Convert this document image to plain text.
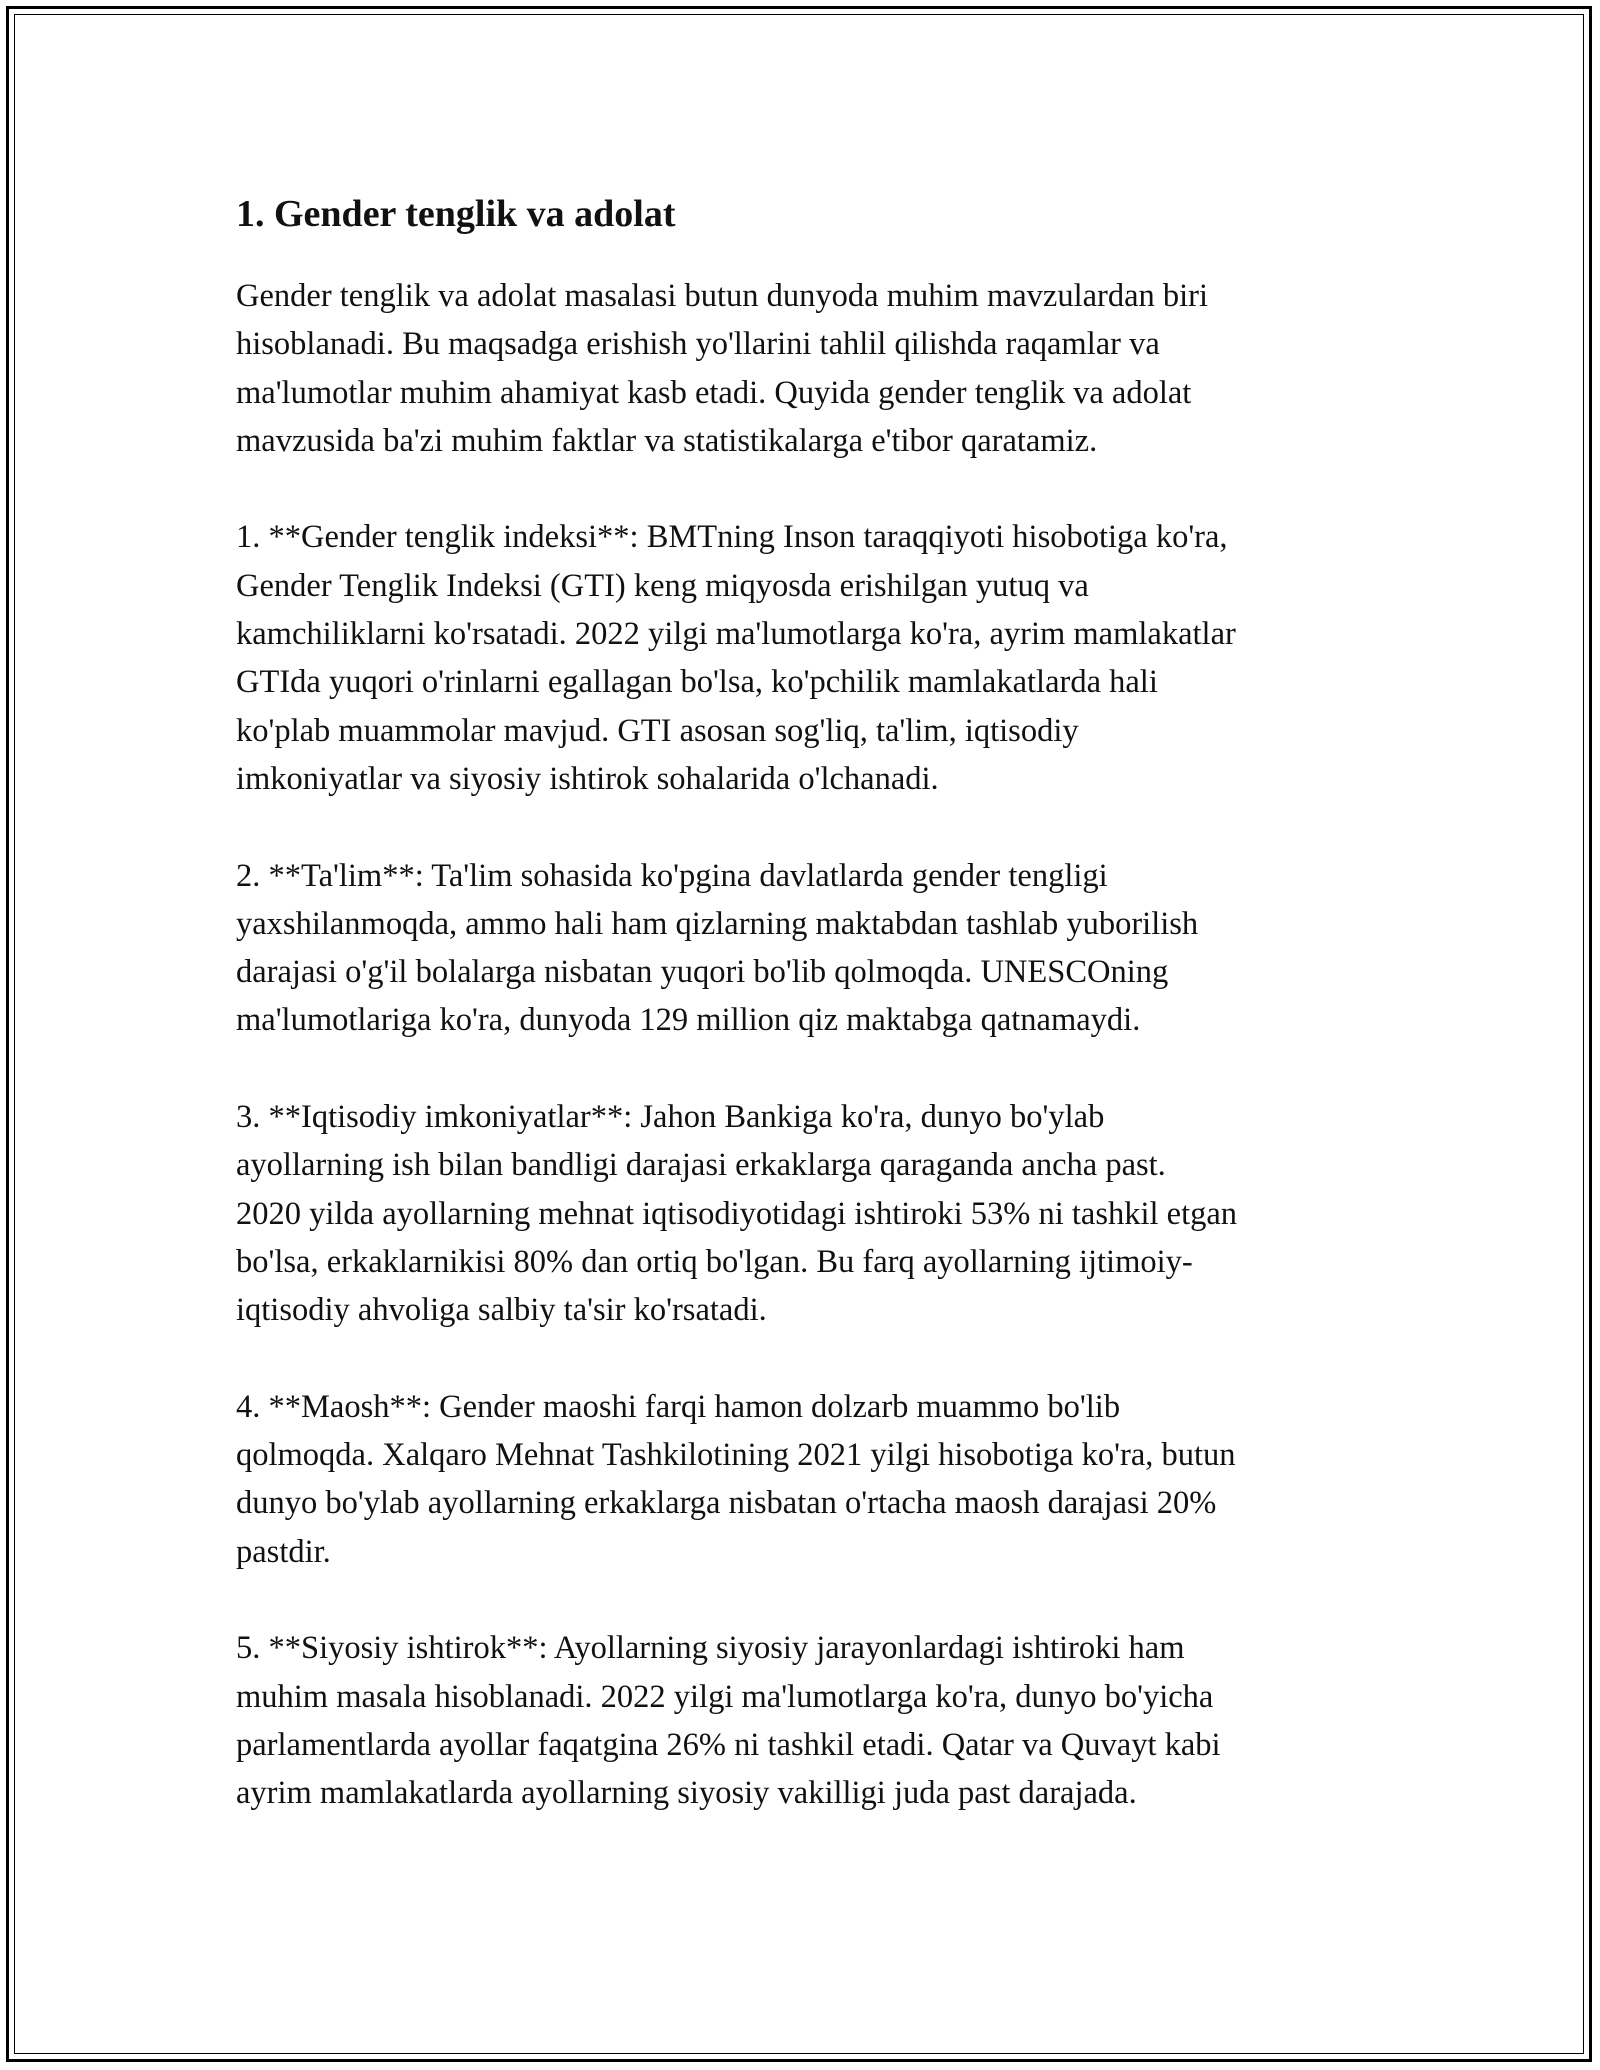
1. Gender tenglik va adolat
Gender tenglik va adolat masalasi butun dunyoda muhim mavzulardan biri
hisoblanadi. Bu maqsadga erishish yo'llarini tahlil qilishda raqamlar va
ma'lumotlar muhim ahamiyat kasb etadi. Quyida gender tenglik va adolat
mavzusida ba'zi muhim faktlar va statistikalarga e'tibor qaratamiz.
1. **Gender tenglik indeksi**: BMTning Inson taraqqiyoti hisobotiga ko'ra,
Gender Tenglik Indeksi (GTI) keng miqyosda erishilgan yutuq va
kamchiliklarni ko'rsatadi. 2022 yilgi ma'lumotlarga ko'ra, ayrim mamlakatlar
GTIda yuqori o'rinlarni egallagan bo'lsa, ko'pchilik mamlakatlarda hali
ko'plab muammolar mavjud. GTI asosan sog'liq, ta'lim, iqtisodiy
imkoniyatlar va siyosiy ishtirok sohalarida o'lchanadi.
2. **Ta'lim**: Ta'lim sohasida ko'pgina davlatlarda gender tengligi
yaxshilanmoqda, ammo hali ham qizlarning maktabdan tashlab yuborilish
darajasi o'g'il bolalarga nisbatan yuqori bo'lib qolmoqda. UNESCOning
ma'lumotlariga ko'ra, dunyoda 129 million qiz maktabga qatnamaydi.
3. **Iqtisodiy imkoniyatlar**: Jahon Bankiga ko'ra, dunyo bo'ylab
ayollarning ish bilan bandligi darajasi erkaklarga qaraganda ancha past.
2020 yilda ayollarning mehnat iqtisodiyotidagi ishtiroki 53% ni tashkil etgan
bo'lsa, erkaklarnikisi 80% dan ortiq bo'lgan. Bu farq ayollarning ijtimoiy-
iqtisodiy ahvoliga salbiy ta'sir ko'rsatadi.
4. **Maosh**: Gender maoshi farqi hamon dolzarb muammo bo'lib
qolmoqda. Xalqaro Mehnat Tashkilotining 2021 yilgi hisobotiga ko'ra, butun
dunyo bo'ylab ayollarning erkaklarga nisbatan o'rtacha maosh darajasi 20%
pastdir.
5. **Siyosiy ishtirok**: Ayollarning siyosiy jarayonlardagi ishtiroki ham
muhim masala hisoblanadi. 2022 yilgi ma'lumotlarga ko'ra, dunyo bo'yicha
parlamentlarda ayollar faqatgina 26% ni tashkil etadi. Qatar va Quvayt kabi
ayrim mamlakatlarda ayollarning siyosiy vakilligi juda past darajada.
